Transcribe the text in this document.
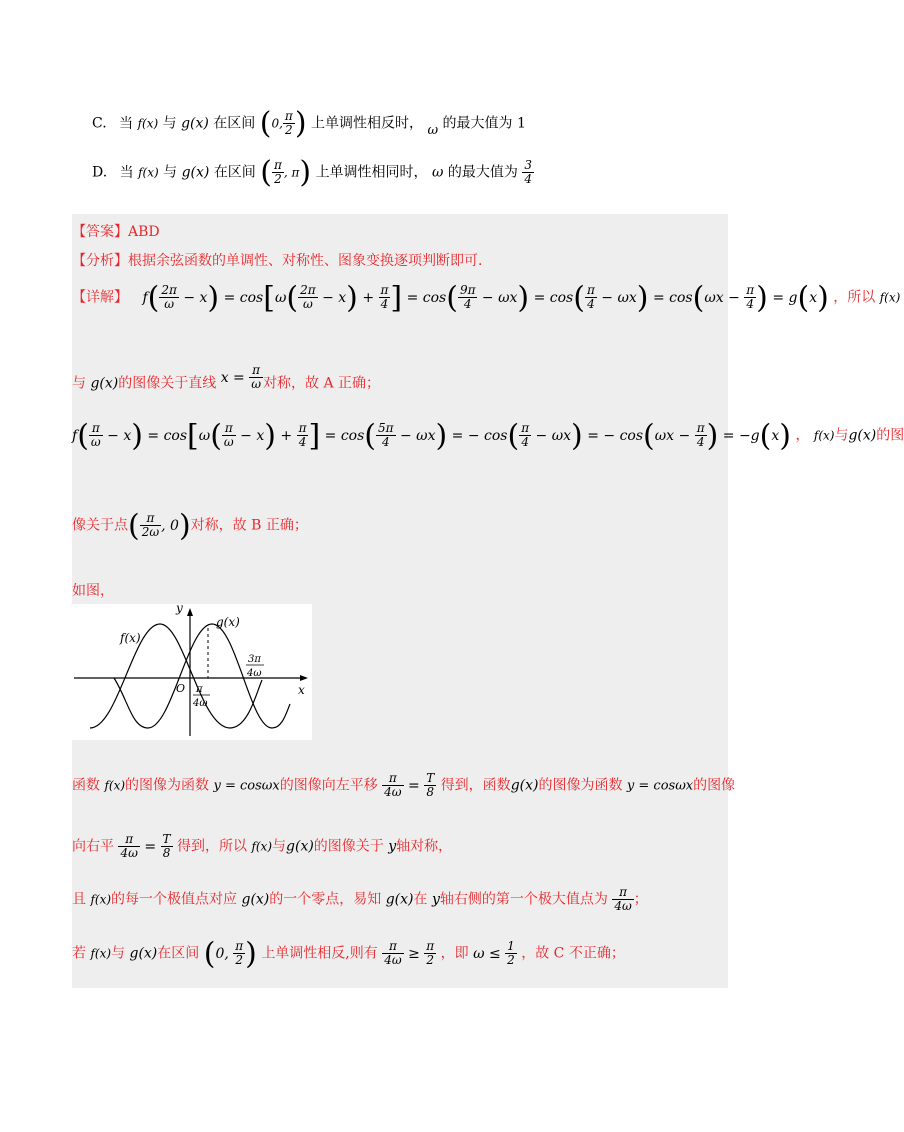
C. 当 f(x) 与 g(x) 在区间 (0, $\frac{\pi}{2}$ ) 上单调性相反时， ω 的最大值为 1
D. 当 f(x) 与 g(x) 在区间 ( $\frac{\pi}{2}$ , π) 上单调性相同时， ω 的最大值为 $\frac{3}{4}$
【答案】ABD
【分析】根据余弦函数的单调性、对称性、图象变换逐项判断即可.
【详解】 $f( \frac{2\pi}{\omega} - x) = \cos[\omega( \frac{2\pi}{\omega} - x) + \frac{\pi}{4}$ ] = $\cos( \frac{9\pi}{4} - \omega x) = \cos( \frac{\pi}{4} - \omega x) = \cos(\omega x - \frac{\pi}{4}$ ) = g(x) ，所以 f(x)
与 g(x)的图像关于直线 $x = \frac{\pi}{\omega}$ 对称，故 A 正确；
$f( \frac{\pi}{\omega} - x) = \cos[\omega( \frac{\pi}{\omega} - x) + \frac{\pi}{4}$ ] = $\cos( \frac{5\pi}{4} - \omega x)$ = − $\cos( \frac{\pi}{4} - \omega x)$ = − $\cos(\omega x - \frac{\pi}{4}$ ) = −g(x) ， f(x)与g(x)的图
像关于点( $\frac{\pi}{2\omega}$ , 0)对称，故 B 正确；
如图，
y
x
O
f(x)
g(x)
π
4ω
3π
4ω
函数 f(x)的图像为函数 y = cosωx的图像向左平移 $\frac{\pi}{4\omega} = \frac{T}{8}$ 得到，函数g(x)的图像为函数 y = cosωx的图像
向右平 $\frac{\pi}{4\omega} = \frac{T}{8}$ 得到，所以 f(x)与g(x)的图像关于 y轴对称，
且 f(x)的每一个极值点对应 g(x)的一个零点，易知 g(x)在 y轴右侧的第一个极大值点为 $\frac{\pi}{4\omega}$ ；
若 f(x)与 g(x)在区间 (0, $\frac{\pi}{2}$ ) 上单调性相反,则有 $\frac{\pi}{4\omega} \ge \frac{\pi}{2}$ ，即 $\omega \le \frac{1}{2}$ ，故 C 不正确；
